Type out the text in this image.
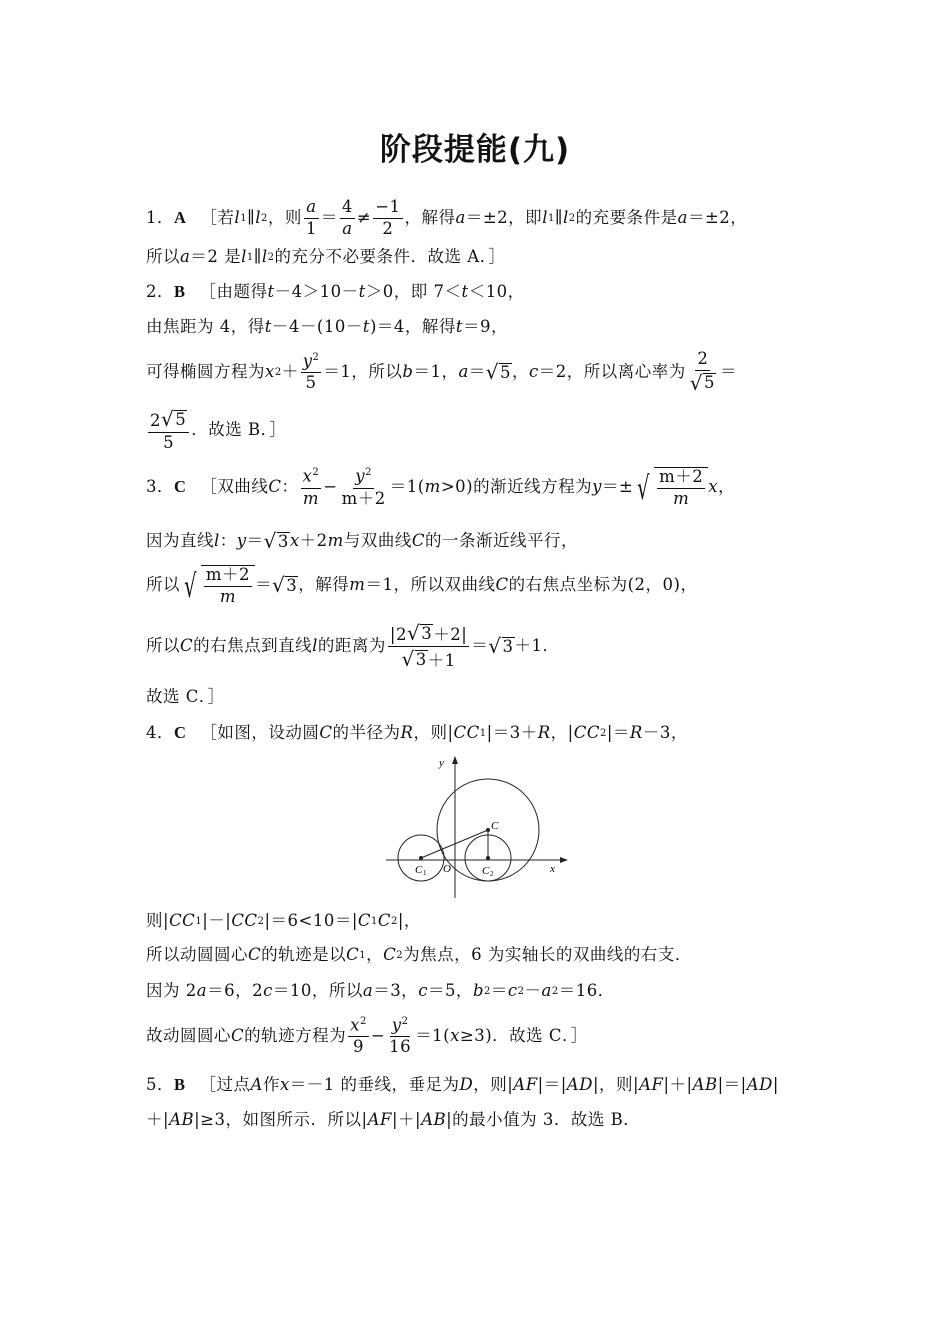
阶段提能(九)
1． A ［若 l 1 ∥ l 2 ，则 $\frac{a}{1} = \frac{4}{a} \ne \frac{-1}{2}$ ，解得 a ＝±2，即 l 1 ∥ l 2 的充要条件是 a ＝±2，
所以 a ＝2 是 l 1 ∥ l 2 的充分不必要条件．故选 A．］
2． B ［由题得 t －4＞10－ t ＞0，即 7＜ t ＜10，
由焦距为 4，得 t －4－(10－ t )＝4，解得 t ＝9，
可得椭圆方程为 x $2 + \frac{y^2}{5} =1$，所以 b ＝1， a ＝ √ 5 ， c ＝2，所以离心率为 $\frac{2}{√ 5}$ ＝
$\frac{2 √ 5}{5}$ ．故选 B．］
3． C ［双曲线 C ： $\frac{x^2}{m} - \frac{y^2}{m+2} =1$( m >0)的渐近线方程为 y ＝± √ $\frac{m+2}{m}$ x ，
因为直线 l ： y ＝ √ 3 x ＋2 m 与双曲线 C 的一条渐近线平行，
所以 √ $\frac{m+2}{m}$ ＝ √ 3 ，解得 m ＝1，所以双曲线 C 的右焦点坐标为(2，0)，
所以 C 的右焦点到直线 l 的距离为 $\frac{|2 √ 3 +2|}{√ 3 +1}$ ＝ √ 3 ＋1．
故选 C．］
4． C ［如图，设动圆 C 的半径为 R ，则| CC 1 |＝3＋ R ，| CC 2 |＝ R －3，
y
x
C
C 1	C 2
O
则| CC 1 |－| CC 2 |＝6<10＝| C 1 C 2 |，
所以动圆圆心 C 的轨迹是以 C 1 ， C 2 为焦点，6 为实轴长的双曲线的右支．
因为 2 a ＝6，2 c ＝10，所以 a ＝3， c ＝5， b 2 ＝ c 2 － a 2 ＝16．
故动圆圆心 C 的轨迹方程为 $\frac{x^2}{9} - \frac{y^2}{16} =1$( x ≥3)．故选 C．］
5． B ［过点 A 作 x ＝－1 的垂线，垂足为 D ，则| AF |＝| AD |，则| AF |＋| AB |＝| AD |
＋| AB |≥3，如图所示．所以| AF |＋| AB |的最小值为 3．故选 B．
